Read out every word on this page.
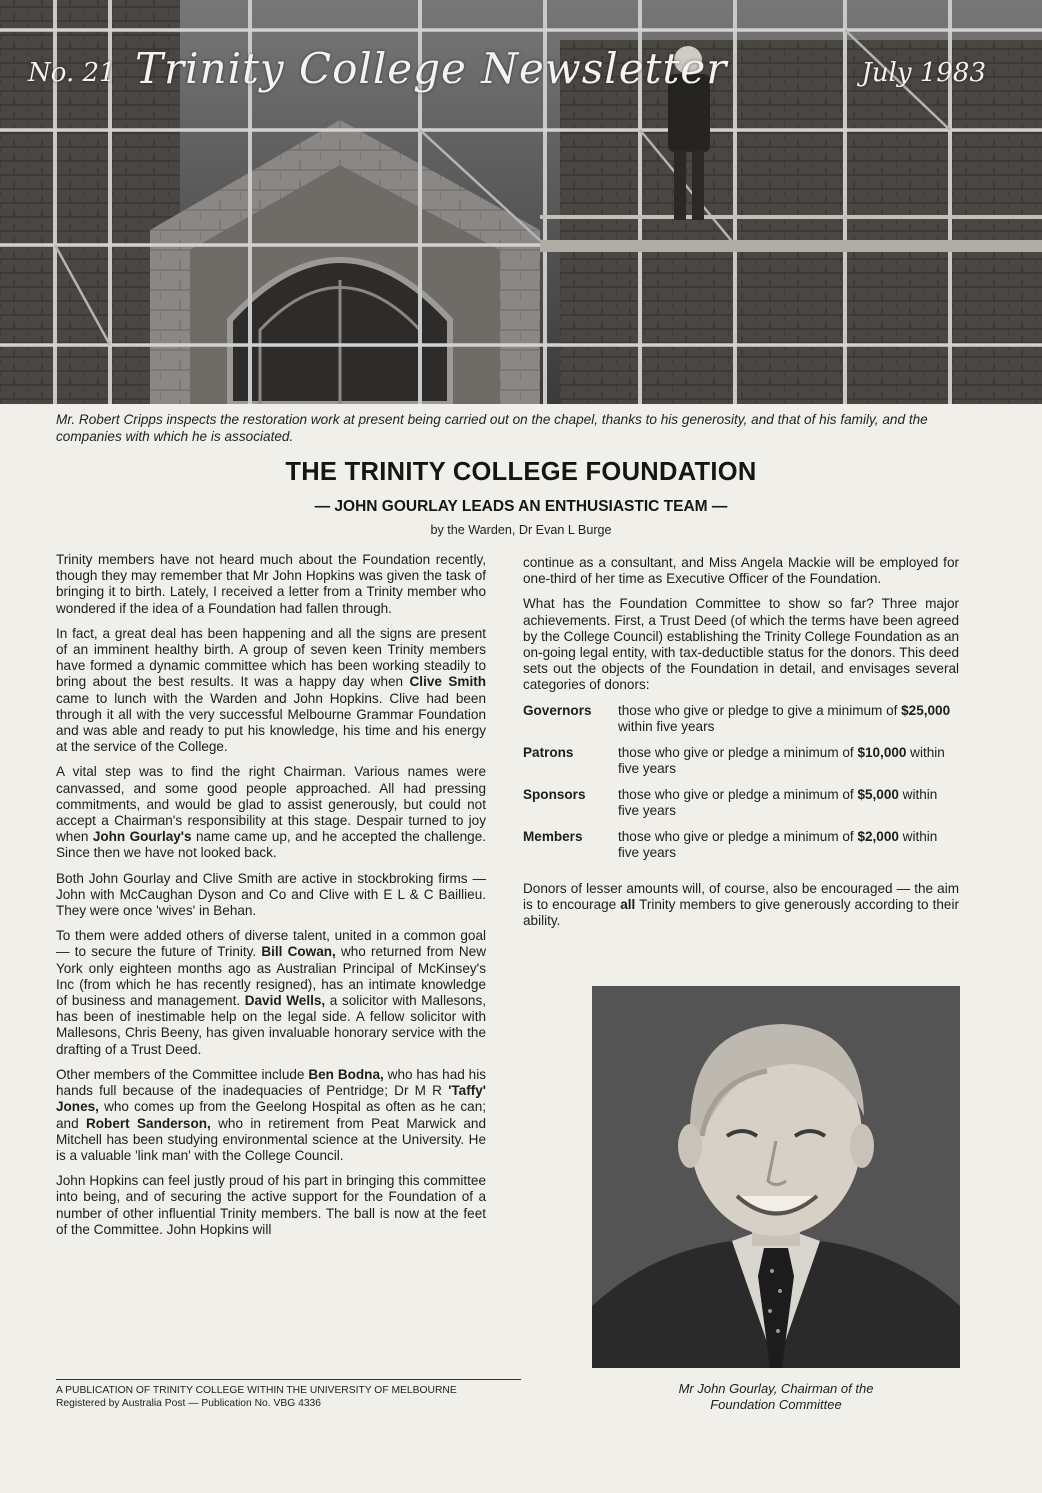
No. 21 Trinity College Newsletter	July 1983
Mr. Robert Cripps inspects the restoration work at present being carried out on the chapel, thanks to his generosity, and that of his family, and the companies with which he is associated.
THE TRINITY COLLEGE FOUNDATION
— JOHN GOURLAY LEADS AN ENTHUSIASTIC TEAM —
by the Warden, Dr Evan L Burge

Trinity members have not heard much about the Foundation recently, though they may remember that Mr John Hopkins was given the task of bringing it to birth. Lately, I received a letter from a Trinity member who wondered if the idea of a Foundation had fallen through.

In fact, a great deal has been happening and all the signs are present of an imminent healthy birth. A group of seven keen Trinity members have formed a dynamic committee which has been working steadily to bring about the best results. It was a happy day when Clive Smith came to lunch with the Warden and John Hopkins. Clive had been through it all with the very successful Melbourne Grammar Foundation and was able and ready to put his knowledge, his time and his energy at the service of the College.

A vital step was to find the right Chairman. Various names were canvassed, and some good people approached. All had pressing commitments, and would be glad to assist generously, but could not accept a Chairman's responsibility at this stage. Despair turned to joy when John Gourlay's name came up, and he accepted the challenge. Since then we have not looked back.

Both John Gourlay and Clive Smith are active in stockbroking firms — John with McCaughan Dyson and Co and Clive with E L & C Baillieu. They were once 'wives' in Behan.

To them were added others of diverse talent, united in a common goal — to secure the future of Trinity. Bill Cowan, who returned from New York only eighteen months ago as Australian Principal of McKinsey's Inc (from which he has recently resigned), has an intimate knowledge of business and management. David Wells, a solicitor with Mallesons, has been of inestimable help on the legal side. A fellow solicitor with Mallesons, Chris Beeny, has given invaluable honorary service with the drafting of a Trust Deed.

Other members of the Committee include Ben Bodna, who has had his hands full because of the inadequacies of Pentridge; Dr M R 'Taffy' Jones, who comes up from the Geelong Hospital as often as he can; and Robert Sanderson, who in retirement from Peat Marwick and Mitchell has been studying environmental science at the University. He is a valuable 'link man' with the College Council.

John Hopkins can feel justly proud of his part in bringing this committee into being, and of securing the active support for the Foundation of a number of other influential Trinity members. The ball is now at the feet of the Committee. John Hopkins will

continue as a consultant, and Miss Angela Mackie will be employed for one-third of her time as Executive Officer of the Foundation.

What has the Foundation Committee to show so far? Three major achievements. First, a Trust Deed (of which the terms have been agreed by the College Council) establishing the Trinity College Foundation as an on-going legal entity, with tax-deductible status for the donors. This deed sets out the objects of the Foundation in detail, and envisages several categories of donors:

Governors	those who give or pledge to give a minimum of $25,000 within five years
Patrons	those who give or pledge a minimum of $10,000 within five years
Sponsors	those who give or pledge a minimum of $5,000 within five years
Members	those who give or pledge a minimum of $2,000 within five years

Donors of lesser amounts will, of course, also be encouraged — the aim is to encourage all Trinity members to give generously according to their ability.

Mr John Gourlay, Chairman of the
Foundation Committee
A PUBLICATION OF TRINITY COLLEGE WITHIN THE UNIVERSITY OF MELBOURNE
Registered by Australia Post — Publication No. VBG 4336
